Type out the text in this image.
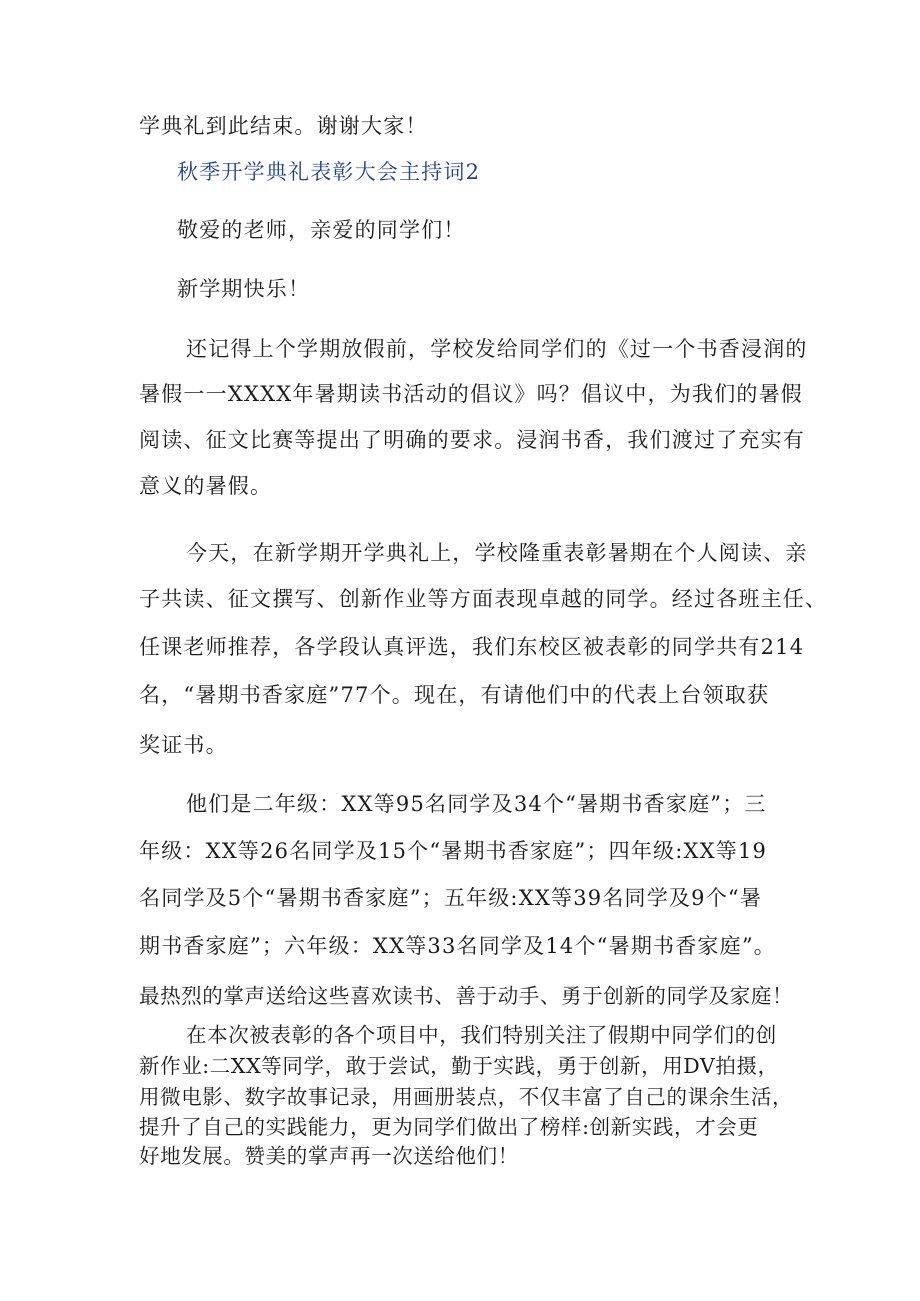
学典礼到此结束。谢谢大家！
秋季开学典礼表彰大会主持词2
敬爱的老师，亲爱的同学们！
新学期快乐！
还记得上个学期放假前，学校发给同学们的《过一个书香浸润的
暑假一一XXXX年暑期读书活动的倡议》吗？倡议中，为我们的暑假
阅读、征文比赛等提出了明确的要求。浸润书香，我们渡过了充实有
意义的暑假。
今天，在新学期开学典礼上，学校隆重表彰暑期在个人阅读、亲
子共读、征文撰写、创新作业等方面表现卓越的同学。经过各班主任、
任课老师推荐，各学段认真评选，我们东校区被表彰的同学共有214
名，“暑期书香家庭”77个。现在，有请他们中的代表上台领取获
奖证书。
他们是二年级：XX等95名同学及34个“暑期书香家庭”；三
年级：XX等26名同学及15个“暑期书香家庭”；四年级:XX等19
名同学及5个“暑期书香家庭”；五年级:XX等39名同学及9个“暑
期书香家庭”；六年级：XX等33名同学及14个“暑期书香家庭”。
最热烈的掌声送给这些喜欢读书、善于动手、勇于创新的同学及家庭！
在本次被表彰的各个项目中，我们特别关注了假期中同学们的创
新作业:二XX等同学，敢于尝试，勤于实践，勇于创新，用DV拍摄，
用微电影、数字故事记录，用画册装点，不仅丰富了自己的课余生活，
提升了自己的实践能力，更为同学们做出了榜样:创新实践，才会更
好地发展。赞美的掌声再一次送给他们！
